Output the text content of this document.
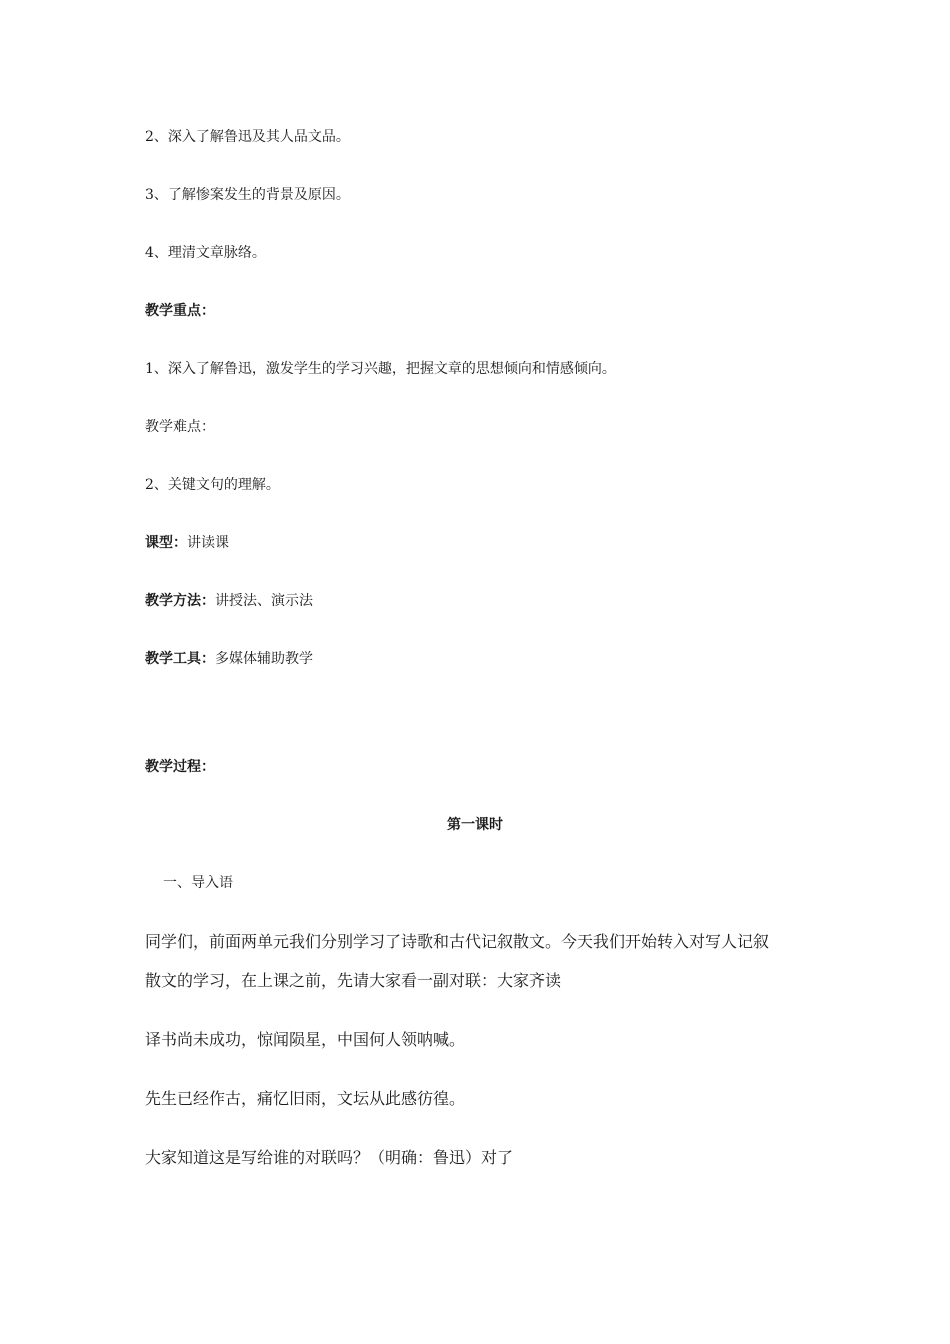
2、深入了解鲁迅及其人品文品。
3、了解惨案发生的背景及原因。
4、理清文章脉络。
教学重点：
1、深入了解鲁迅，激发学生的学习兴趣，把握文章的思想倾向和情感倾向。
教学难点：
2、关键文句的理解。
课型：讲读课
教学方法：讲授法、演示法
教学工具：多媒体辅助教学
教学过程：
第一课时
一、导入语
同学们，前面两单元我们分别学习了诗歌和古代记叙散文。今天我们开始转入对写人记叙
散文的学习，在上课之前，先请大家看一副对联：大家齐读
译书尚未成功，惊闻陨星，中国何人领呐喊。
先生已经作古，痛忆旧雨，文坛从此感彷徨。
大家知道这是写给谁的对联吗？（明确：鲁迅）对了
